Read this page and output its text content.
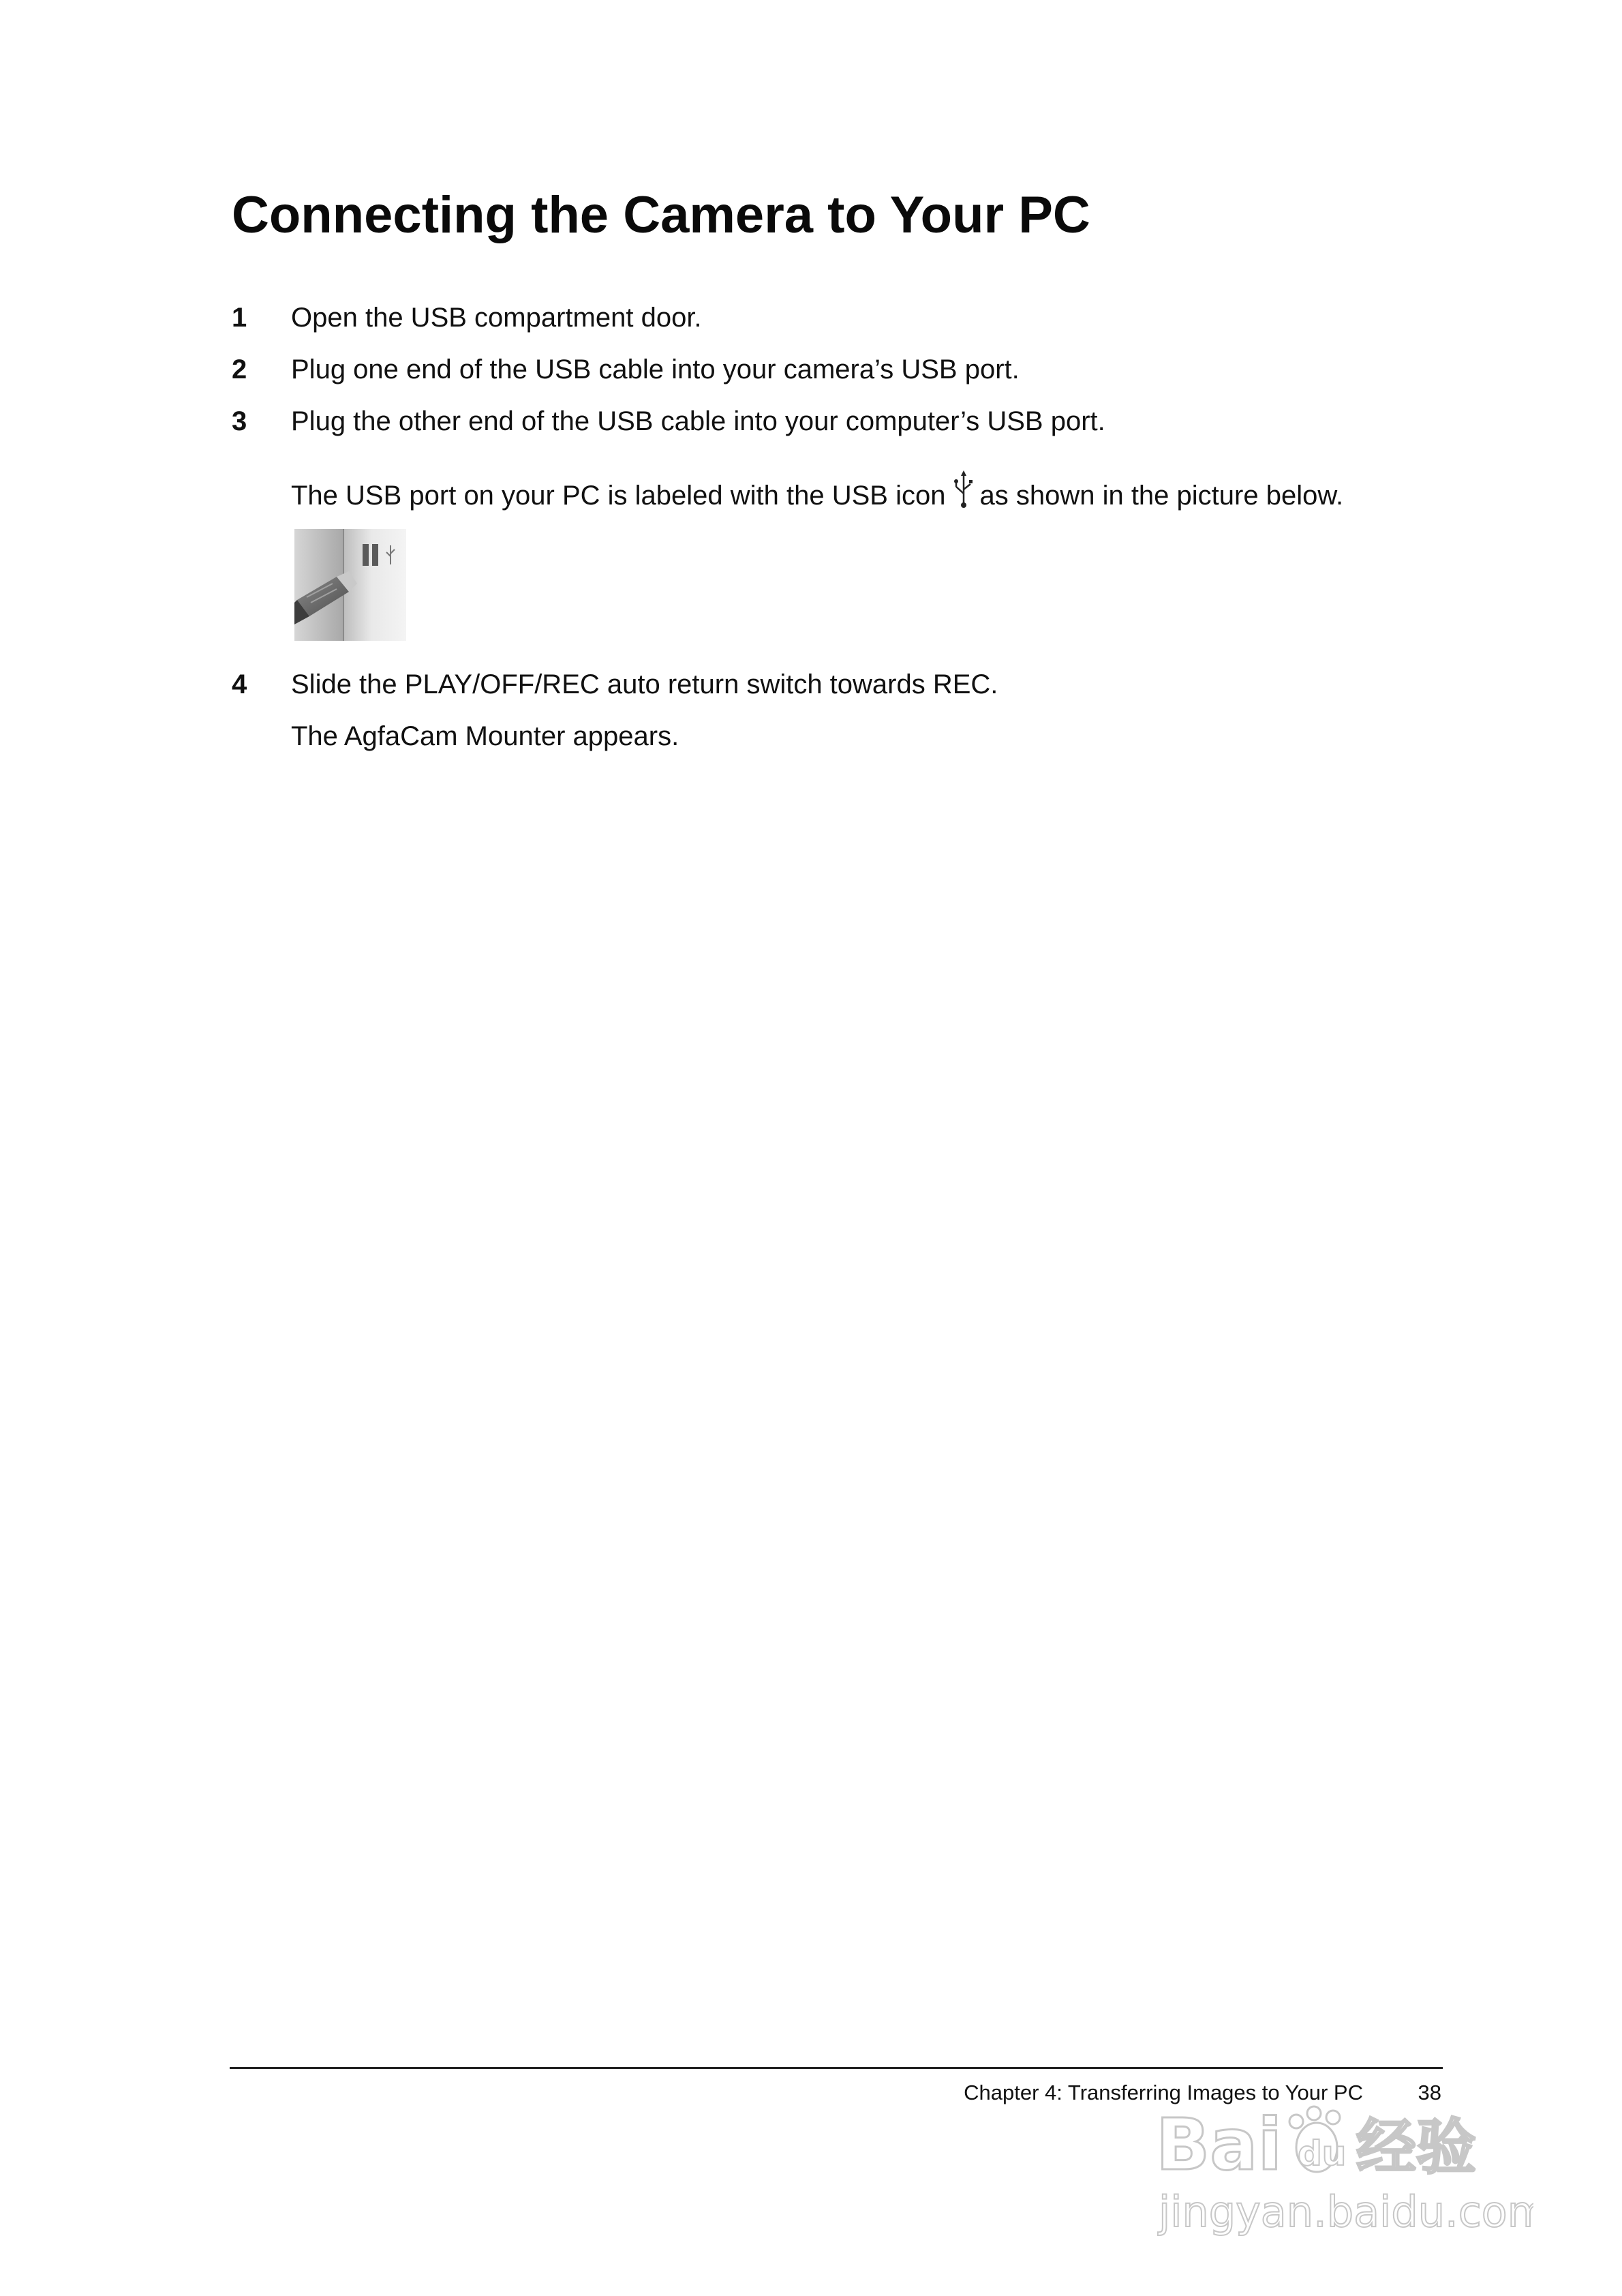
Connecting the Camera to Your PC
1 Open the USB compartment door.
2 Plug one end of the USB cable into your camera’s USB port.
3 Plug the other end of the USB cable into your computer’s USB port.
The USB port on your PC is labeled with the USB icon as shown in the picture below.
4 Slide the PLAY/OFF/REC auto return switch towards REC.
The AgfaCam Mounter appears.
Chapter 4: Transferring Images to Your PC	38
Bai du 经验
jingyan.baidu.com
